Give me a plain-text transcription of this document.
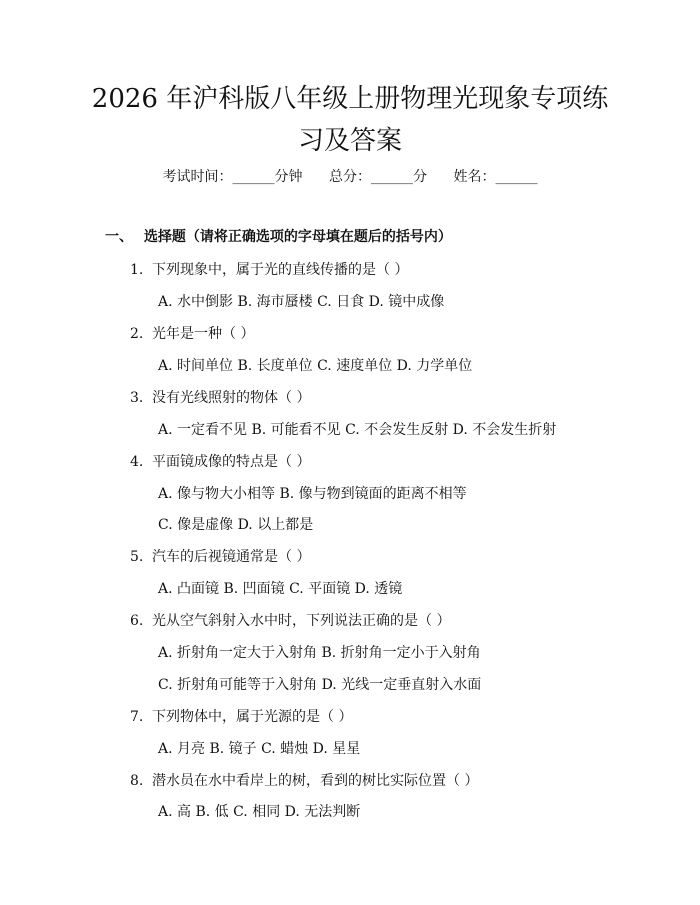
2026 年沪科版八年级上册物理光现象专项练
习及答案
考试时间：______分钟 总分：______分 姓名：______
一、 选择题（请将正确选项的字母填在题后的括号内）
1. 下列现象中，属于光的直线传播的是（ ）
A. 水中倒影 B. 海市蜃楼 C. 日食 D. 镜中成像
2. 光年是一种（ ）
A. 时间单位 B. 长度单位 C. 速度单位 D. 力学单位
3. 没有光线照射的物体（ ）
A. 一定看不见 B. 可能看不见 C. 不会发生反射 D. 不会发生折射
4. 平面镜成像的特点是（ ）
A. 像与物大小相等 B. 像与物到镜面的距离不相等
C. 像是虚像 D. 以上都是
5. 汽车的后视镜通常是（ ）
A. 凸面镜 B. 凹面镜 C. 平面镜 D. 透镜
6. 光从空气斜射入水中时，下列说法正确的是（ ）
A. 折射角一定大于入射角 B. 折射角一定小于入射角
C. 折射角可能等于入射角 D. 光线一定垂直射入水面
7. 下列物体中，属于光源的是（ ）
A. 月亮 B. 镜子 C. 蜡烛 D. 星星
8. 潜水员在水中看岸上的树，看到的树比实际位置（ ）
A. 高 B. 低 C. 相同 D. 无法判断
